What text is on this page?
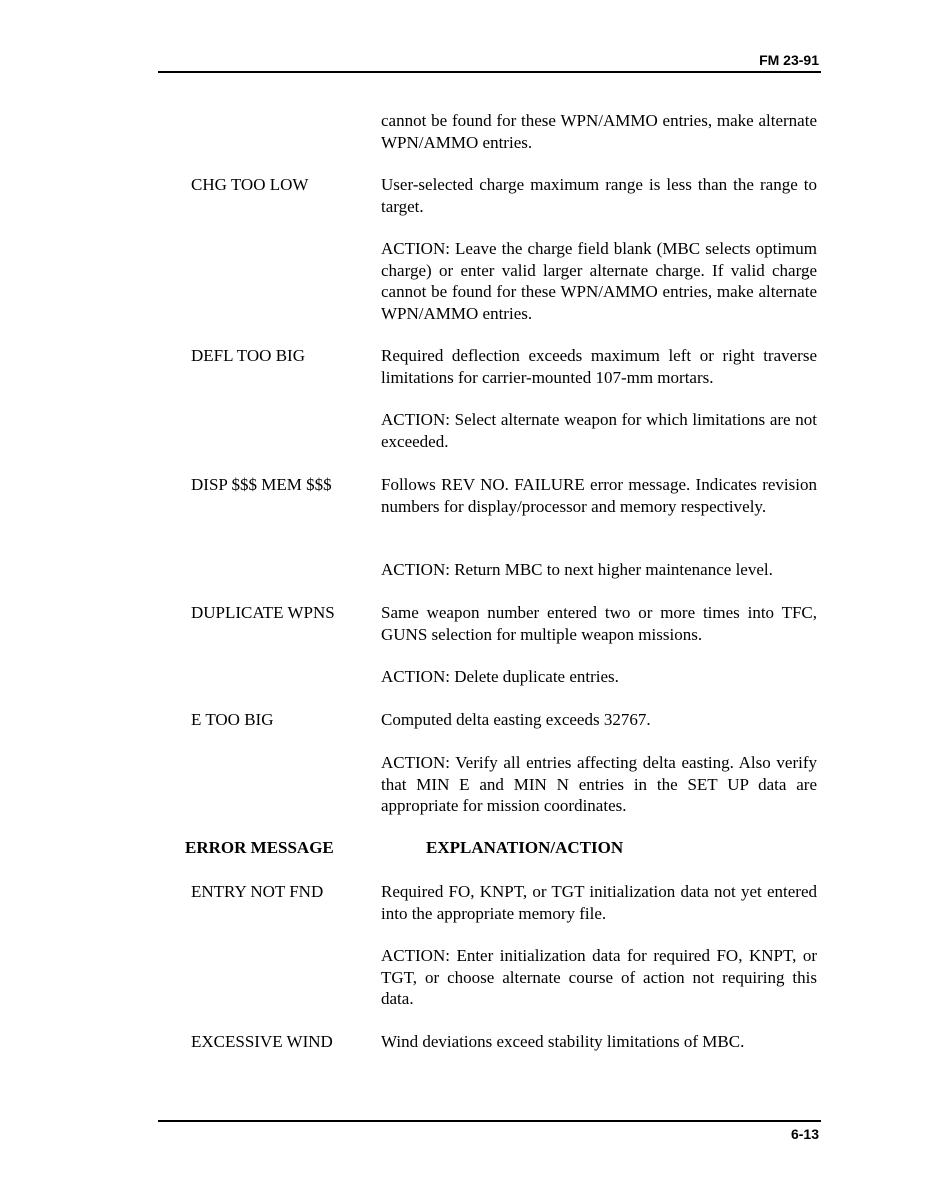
FM 23-91
cannot be found for these WPN/AMMO entries, make alternate WPN/AMMO entries.
CHG TOO LOW	User-selected charge maximum range is less than the range to target.
ACTION: Leave the charge field blank (MBC selects optimum charge) or enter valid larger alternate charge. If valid charge cannot be found for these WPN/AMMO entries, make alternate WPN/AMMO entries.
DEFL TOO BIG	Required deflection exceeds maximum left or right traverse limitations for carrier-mounted 107-mm mortars.
ACTION: Select alternate weapon for which limitations are not exceeded.
DISP $$$ MEM $$$	Follows REV NO. FAILURE error message. Indicates revision numbers for display/processor and memory respectively.
ACTION: Return MBC to next higher maintenance level.
DUPLICATE WPNS	Same weapon number entered two or more times into TFC, GUNS selection for multiple weapon missions.
ACTION: Delete duplicate entries.
E TOO BIG	Computed delta easting exceeds 32767.
ACTION: Verify all entries affecting delta easting. Also verify that MIN E and MIN N entries in the SET UP data are appropriate for mission coordinates.
ERROR MESSAGE	EXPLANATION/ACTION
ENTRY NOT FND	Required FO, KNPT, or TGT initialization data not yet entered into the appropriate memory file.
ACTION: Enter initialization data for required FO, KNPT, or TGT, or choose alternate course of action not requiring this data.
EXCESSIVE WIND	Wind deviations exceed stability limitations of MBC.
6-13
